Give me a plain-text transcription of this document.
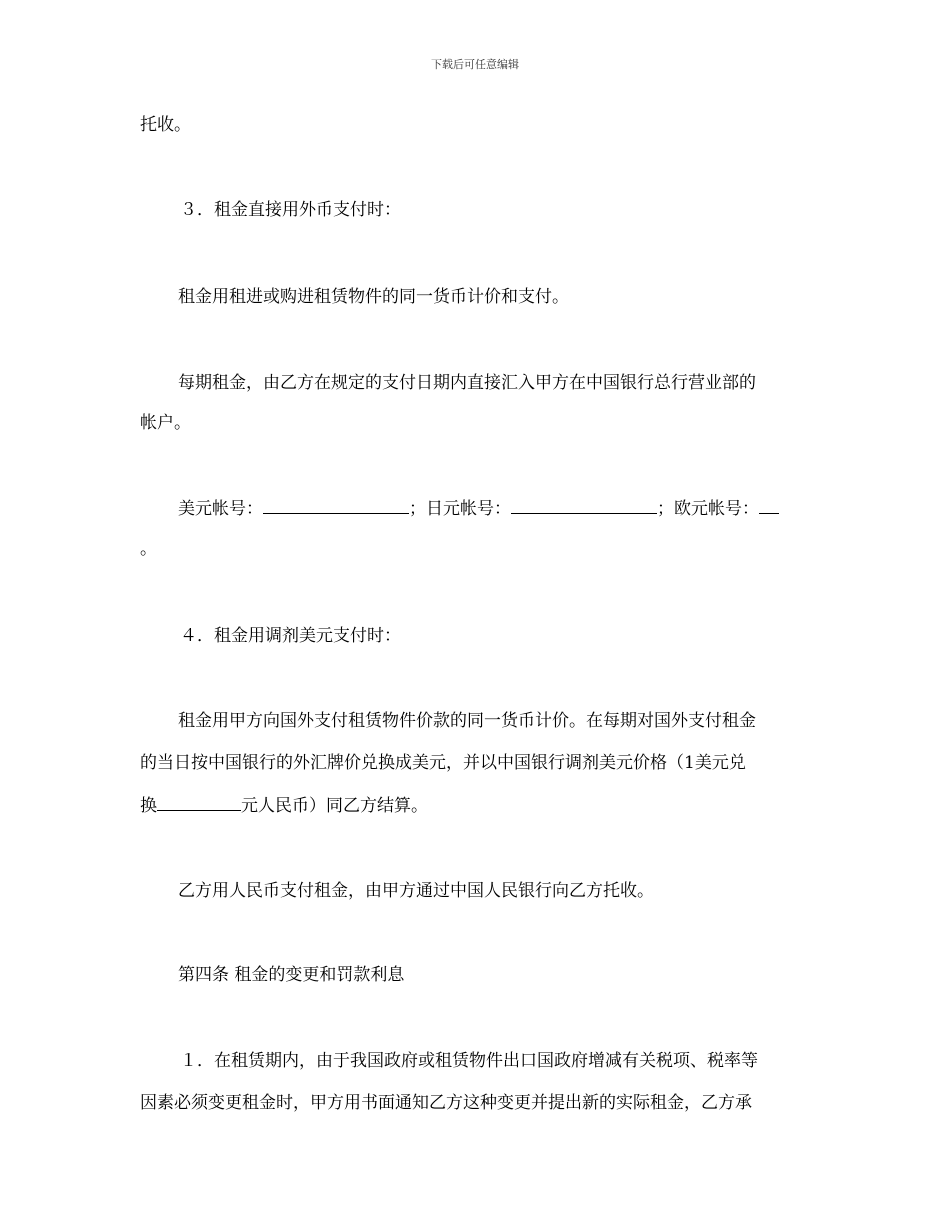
下载后可任意编辑
托收。
３．租金直接用外币支付时：
租金用租进或购进租赁物件的同一货币计价和支付。
每期租金，由乙方在规定的支付日期内直接汇入甲方在中国银行总行营业部的
帐户。
美元帐号：	；日元帐号：	；欧元帐号：
。
４．租金用调剂美元支付时：
租金用甲方向国外支付租赁物件价款的同一货币计价。在每期对国外支付租金
的当日按中国银行的外汇牌价兑换成美元，并以中国银行调剂美元价格（1美元兑
换	元人民币）同乙方结算。
乙方用人民币支付租金，由甲方通过中国人民银行向乙方托收。
第四条 租金的变更和罚款利息
１．在租赁期内，由于我国政府或租赁物件出口国政府增减有关税项、税率等
因素必须变更租金时，甲方用书面通知乙方这种变更并提出新的实际租金，乙方承
